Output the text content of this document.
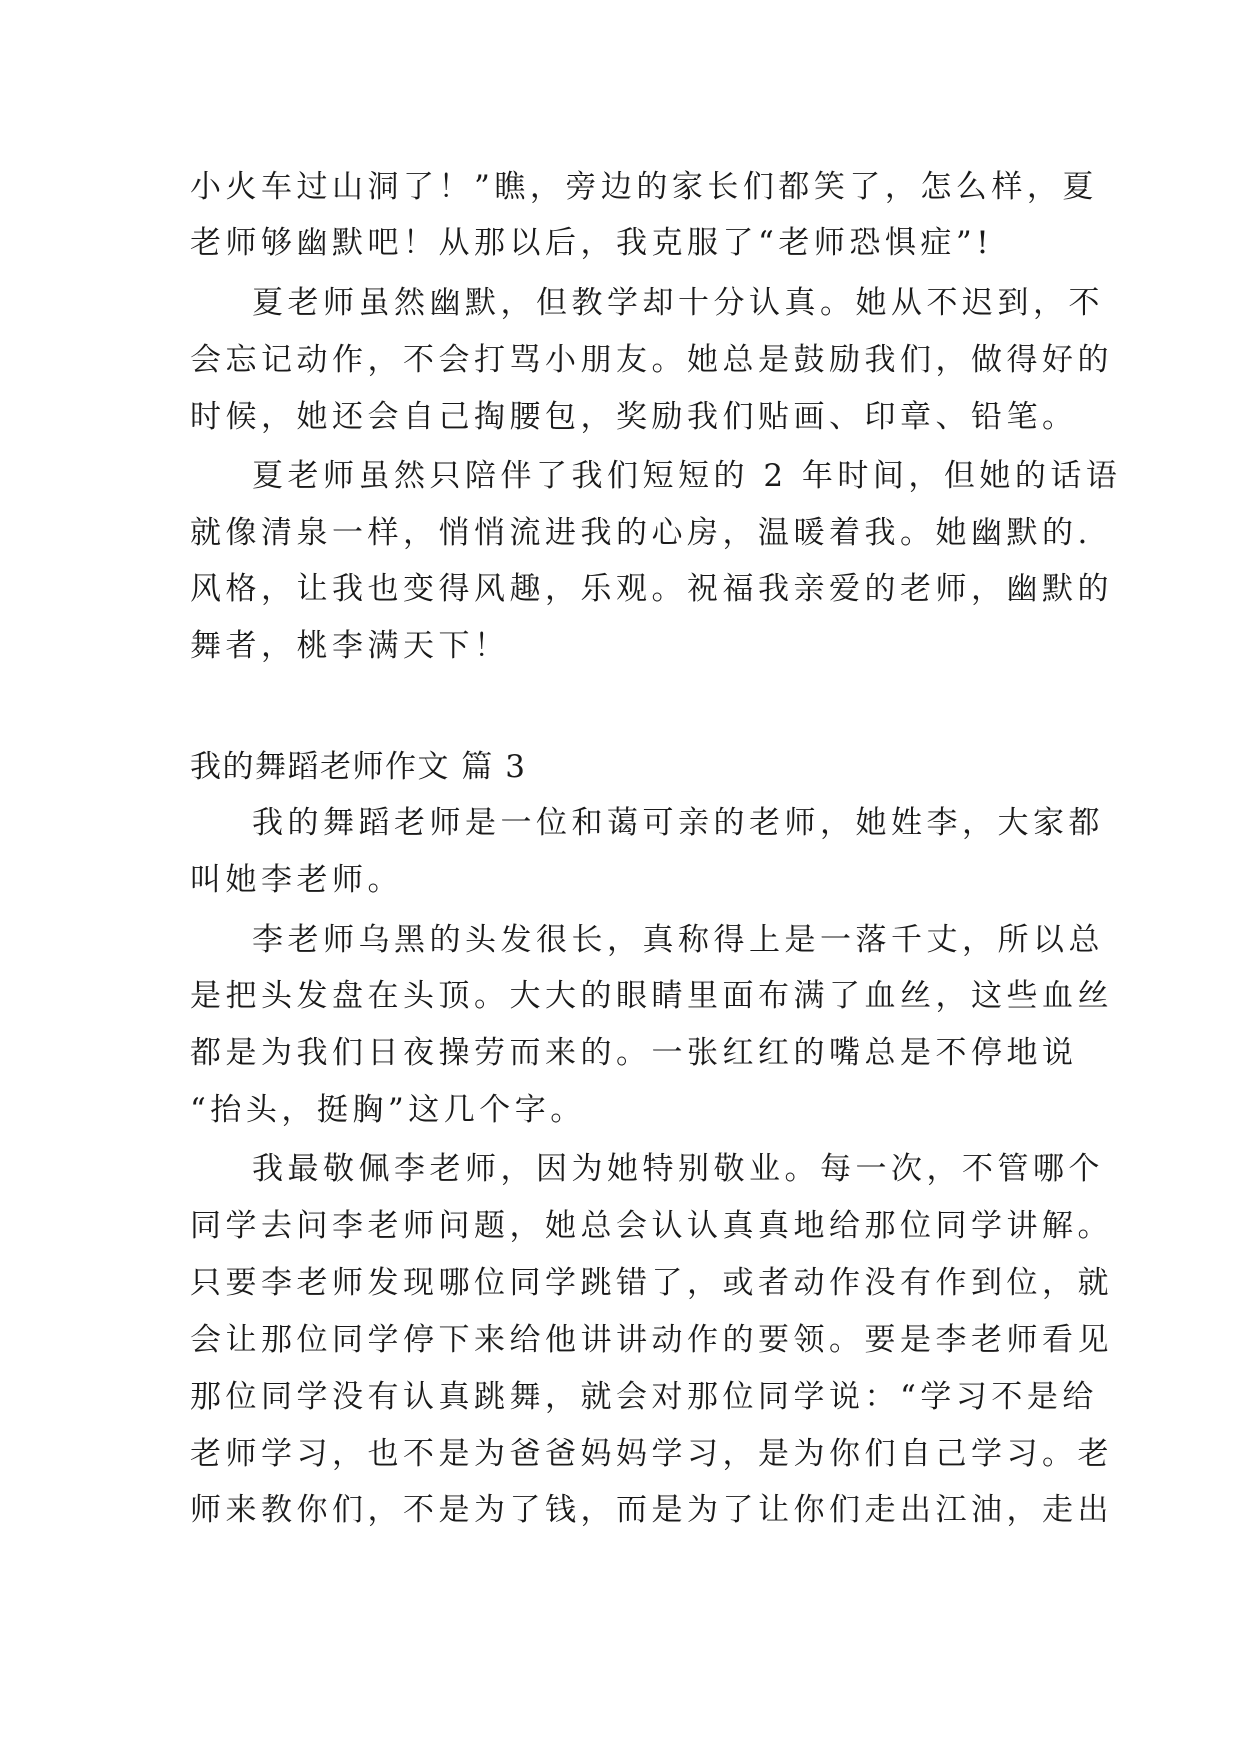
小火车过山洞了！”瞧，旁边的家长们都笑了，怎么样，夏
老师够幽默吧！从那以后，我克服了“老师恐惧症”!
夏老师虽然幽默，但教学却十分认真。她从不迟到，不
会忘记动作，不会打骂小朋友。她总是鼓励我们，做得好的
时候，她还会自己掏腰包，奖励我们贴画、印章、铅笔。
夏老师虽然只陪伴了我们短短的 2 年时间，但她的话语
就像清泉一样，悄悄流进我的心房，温暖着我。她幽默的.
风格，让我也变得风趣，乐观。祝福我亲爱的老师，幽默的
舞者，桃李满天下！
我的舞蹈老师作文 篇 3
我的舞蹈老师是一位和蔼可亲的老师，她姓李，大家都
叫她李老师。
李老师乌黑的头发很长，真称得上是一落千丈，所以总
是把头发盘在头顶。大大的眼睛里面布满了血丝，这些血丝
都是为我们日夜操劳而来的。一张红红的嘴总是不停地说
“抬头，挺胸”这几个字。
我最敬佩李老师，因为她特别敬业。每一次，不管哪个
同学去问李老师问题，她总会认认真真地给那位同学讲解。
只要李老师发现哪位同学跳错了，或者动作没有作到位，就
会让那位同学停下来给他讲讲动作的要领。要是李老师看见
那位同学没有认真跳舞，就会对那位同学说：“学习不是给
老师学习，也不是为爸爸妈妈学习，是为你们自己学习。老
师来教你们，不是为了钱，而是为了让你们走出江油，走出
